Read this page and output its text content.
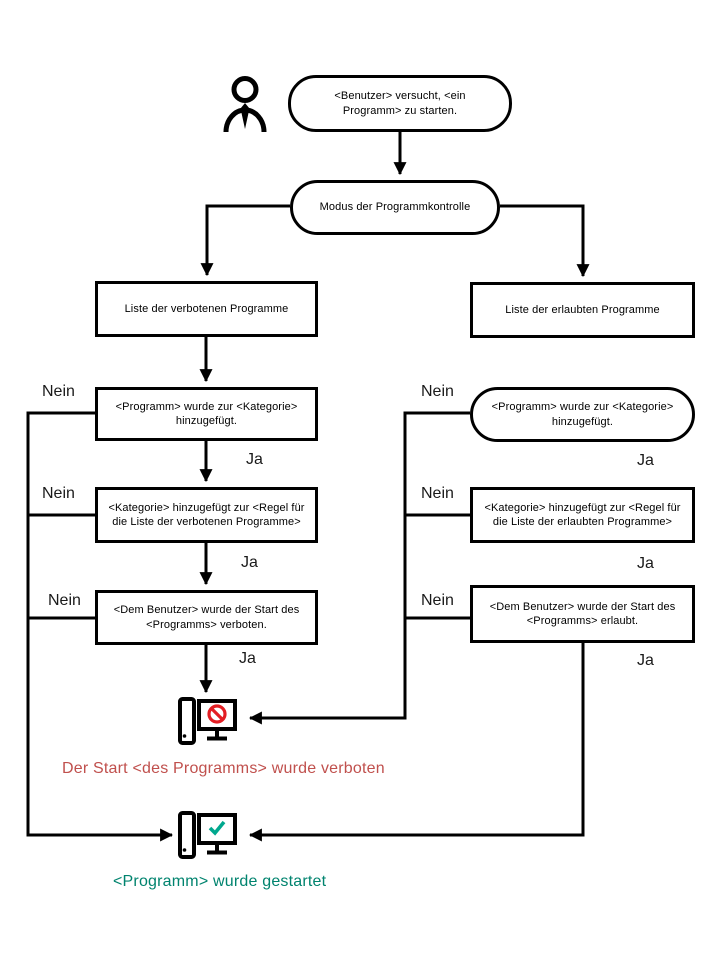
<Benutzer> versucht, <ein Programm> zu starten.
Modus der Programmkontrolle
Liste der verbotenen Programme
<Programm> wurde zur <Kategorie> hinzugefügt.
<Kategorie> hinzugefügt zur <Regel für die Liste der verbotenen Programme>
<Dem Benutzer> wurde der Start des <Programms> verboten.
Liste der erlaubten Programme
<Programm> wurde zur <Kategorie> hinzugefügt.
<Kategorie> hinzugefügt zur <Regel für die Liste der erlaubten Programme>
<Dem Benutzer> wurde der Start des <Programms> erlaubt.
Nein
Nein
Nein
Nein
Nein
Nein
Ja
Ja
Ja
Ja
Ja
Ja
Der Start <des Programms> wurde verboten
<Programm> wurde gestartet
